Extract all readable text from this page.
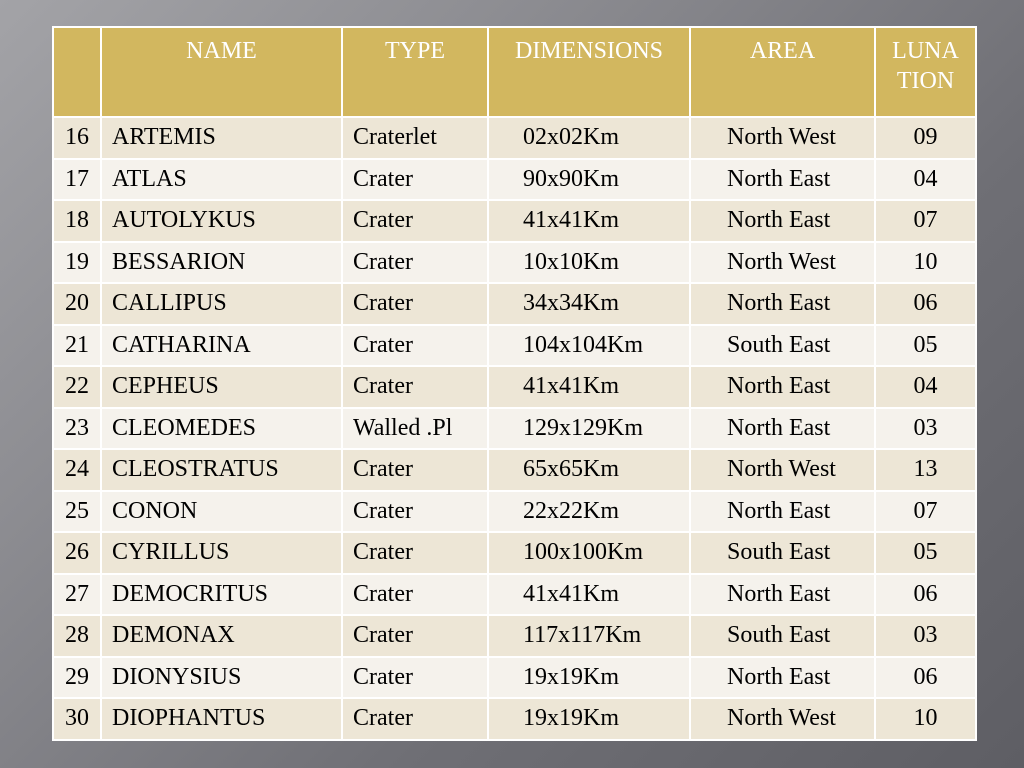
	NAME	TYPE	DIMENSIONS	AREA	LUNA TION
16	ARTEMIS	Craterlet	02x02Km	North West	09
17	ATLAS	Crater	90x90Km	North East	04
18	AUTOLYKUS	Crater	41x41Km	North East	07
19	BESSARION	Crater	10x10Km	North West	10
20	CALLIPUS	Crater	34x34Km	North East	06
21	CATHARINA	Crater	104x104Km	South East	05
22	CEPHEUS	Crater	41x41Km	North East	04
23	CLEOMEDES	Walled .Pl	129x129Km	North East	03
24	CLEOSTRATUS	Crater	65x65Km	North West	13
25	CONON	Crater	22x22Km	North East	07
26	CYRILLUS	Crater	100x100Km	South East	05
27	DEMOCRITUS	Crater	41x41Km	North East	06
28	DEMONAX	Crater	117x117Km	South East	03
29	DIONYSIUS	Crater	19x19Km	North East	06
30	DIOPHANTUS	Crater	19x19Km	North West	10
